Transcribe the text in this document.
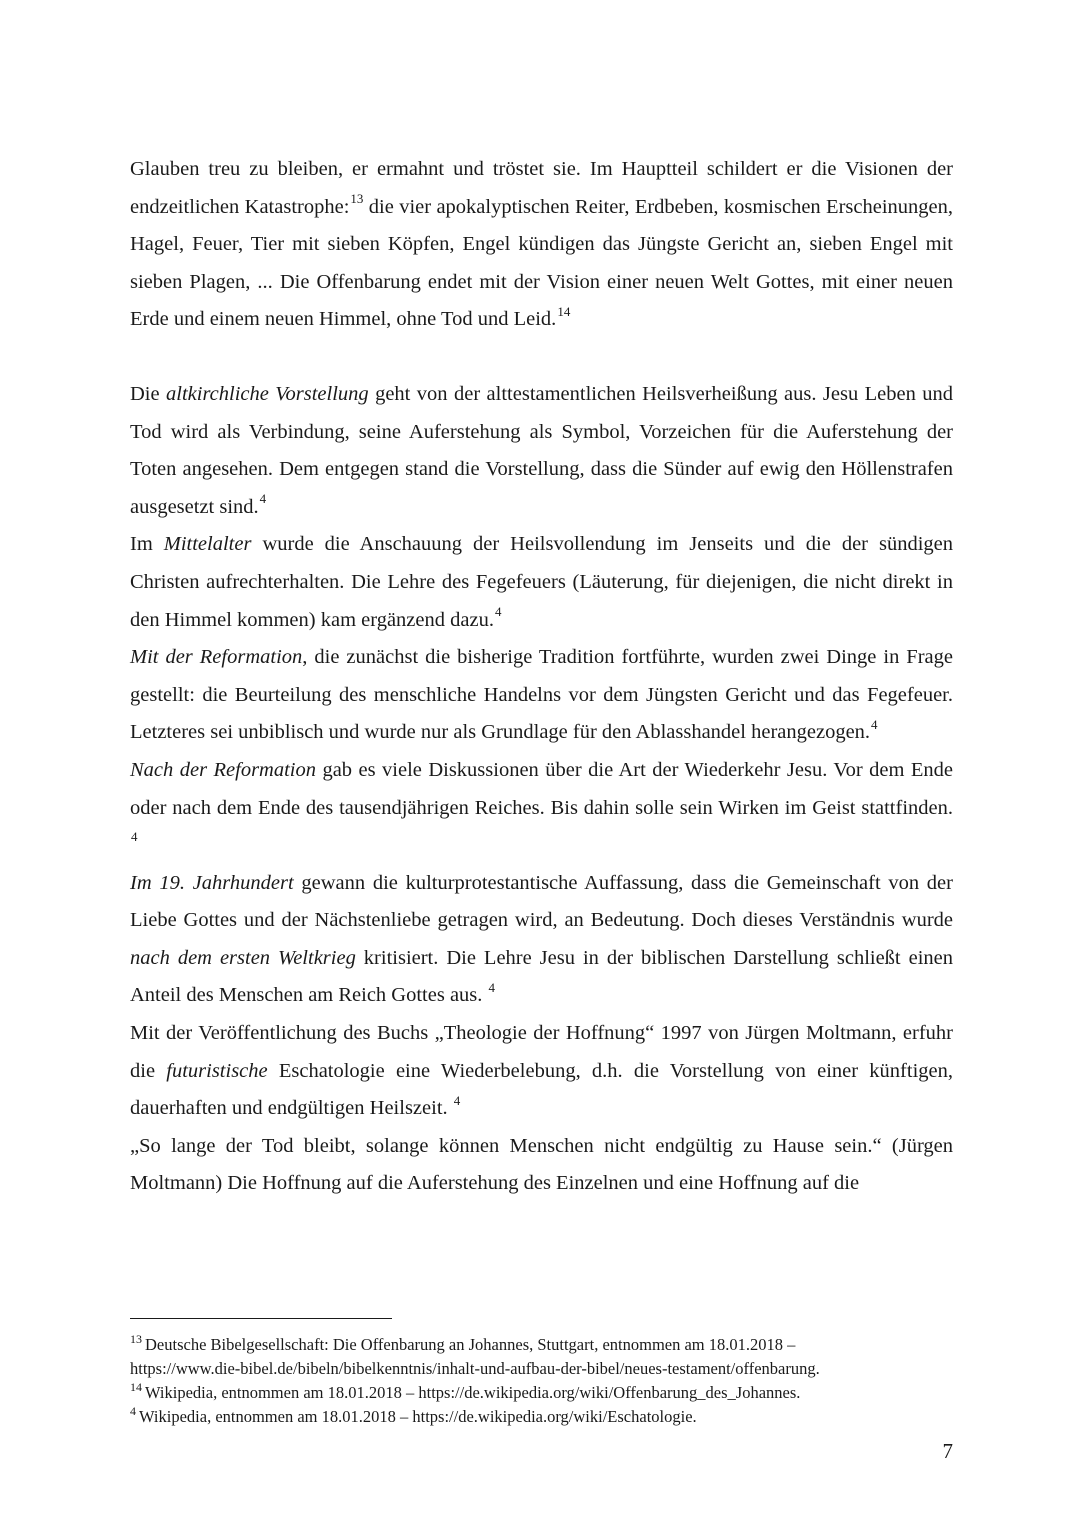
Glauben treu zu bleiben, er ermahnt und tröstet sie. Im Hauptteil schildert er die Visionen der endzeitlichen Katastrophe:$^{13}$ die vier apokalyptischen Reiter, Erdbeben, kosmischen Erscheinungen, Hagel, Feuer, Tier mit sieben Köpfen, Engel kündigen das Jüngste Gericht an, sieben Engel mit sieben Plagen, ... Die Offenbarung endet mit der Vision einer neuen Welt Gottes, mit einer neuen Erde und einem neuen Himmel, ohne Tod und Leid.$^{14}$

Die altkirchliche Vorstellung geht von der alttestamentlichen Heilsverheißung aus. Jesu Leben und Tod wird als Verbindung, seine Auferstehung als Symbol, Vorzeichen für die Auferstehung der Toten angesehen. Dem entgegen stand die Vorstellung, dass die Sünder auf ewig den Höllenstrafen ausgesetzt sind.$^4$

Im Mittelalter wurde die Anschauung der Heilsvollendung im Jenseits und die der sündigen Christen aufrechterhalten. Die Lehre des Fegefeuers (Läuterung, für diejenigen, die nicht direkt in den Himmel kommen) kam ergänzend dazu.$^4$

Mit der Reformation, die zunächst die bisherige Tradition fortführte, wurden zwei Dinge in Frage gestellt: die Beurteilung des menschliche Handelns vor dem Jüngsten Gericht und das Fegefeuer. Letzteres sei unbiblisch und wurde nur als Grundlage für den Ablasshandel herangezogen.$^4$

Nach der Reformation gab es viele Diskussionen über die Art der Wiederkehr Jesu. Vor dem Ende oder nach dem Ende des tausendjährigen Reiches. Bis dahin solle sein Wirken im Geist stattfinden. $^4$

Im 19. Jahrhundert gewann die kulturprotestantische Auffassung, dass die Gemeinschaft von der Liebe Gottes und der Nächstenliebe getragen wird, an Bedeutung. Doch dieses Verständnis wurde nach dem ersten Weltkrieg kritisiert. Die Lehre Jesu in der biblischen Darstellung schließt einen Anteil des Menschen am Reich Gottes aus. $^4$

Mit der Veröffentlichung des Buchs „Theologie der Hoffnung“ 1997 von Jürgen Moltmann, erfuhr die futuristische Eschatologie eine Wiederbelebung, d.h. die Vorstellung von einer künftigen, dauerhaften und endgültigen Heilszeit. $^4$

„So lange der Tod bleibt, solange können Menschen nicht endgültig zu Hause sein.“ (Jürgen Moltmann) Die Hoffnung auf die Auferstehung des Einzelnen und eine Hoffnung auf die

$^{13}$ Deutsche Bibelgesellschaft: Die Offenbarung an Johannes, Stuttgart, entnommen am 18.01.2018 –
https://www.die-bibel.de/bibeln/bibelkenntnis/inhalt-und-aufbau-der-bibel/neues-testament/offenbarung.

$^{14}$ Wikipedia, entnommen am 18.01.2018 – https://de.wikipedia.org/wiki/Offenbarung_des_Johannes.

$^4$ Wikipedia, entnommen am 18.01.2018 – https://de.wikipedia.org/wiki/Eschatologie.

7
